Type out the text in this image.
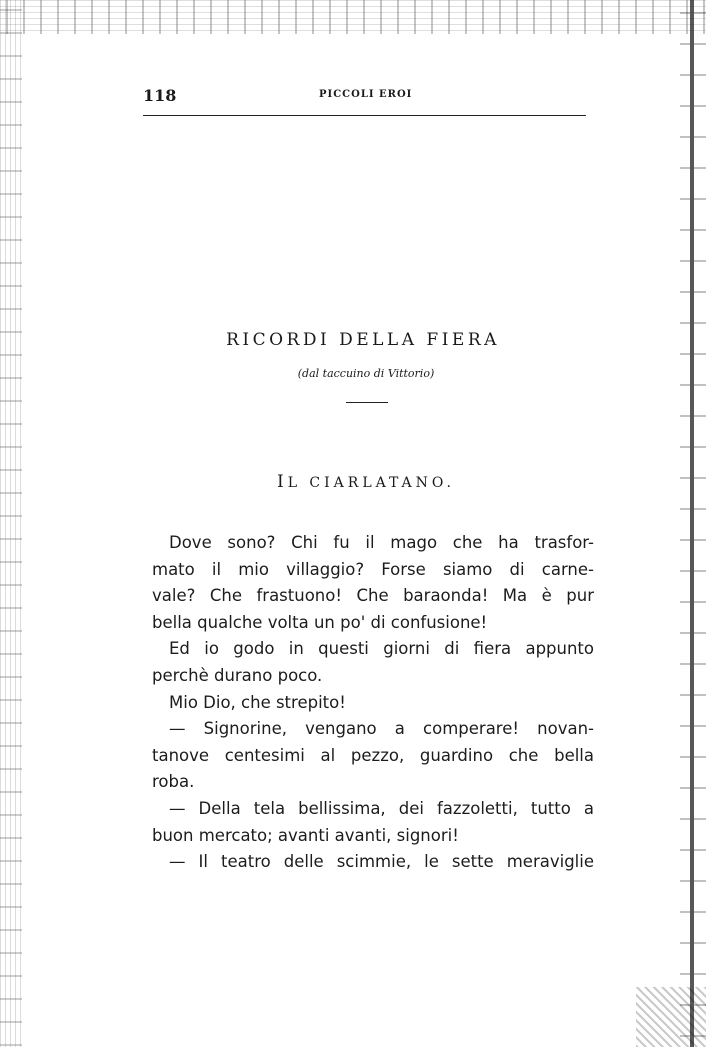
118	PICCOLI EROI
RICORDI DELLA FIERA
(dal taccuino di Vittorio)
IL CIARLATANO.
Dove sono? Chi fu il mago che ha trasfor-
mato il mio villaggio? Forse siamo di carne-
vale? Che frastuono! Che baraonda! Ma è pur
bella qualche volta un po' di confusione!
Ed io godo in questi giorni di fiera appunto
perchè durano poco.
Mio Dio, che strepito!
— Signorine, vengano a comperare! novan-
tanove centesimi al pezzo, guardino che bella
roba.
— Della tela bellissima, dei fazzoletti, tutto a
buon mercato; avanti avanti, signori!
— Il teatro delle scimmie, le sette meraviglie
